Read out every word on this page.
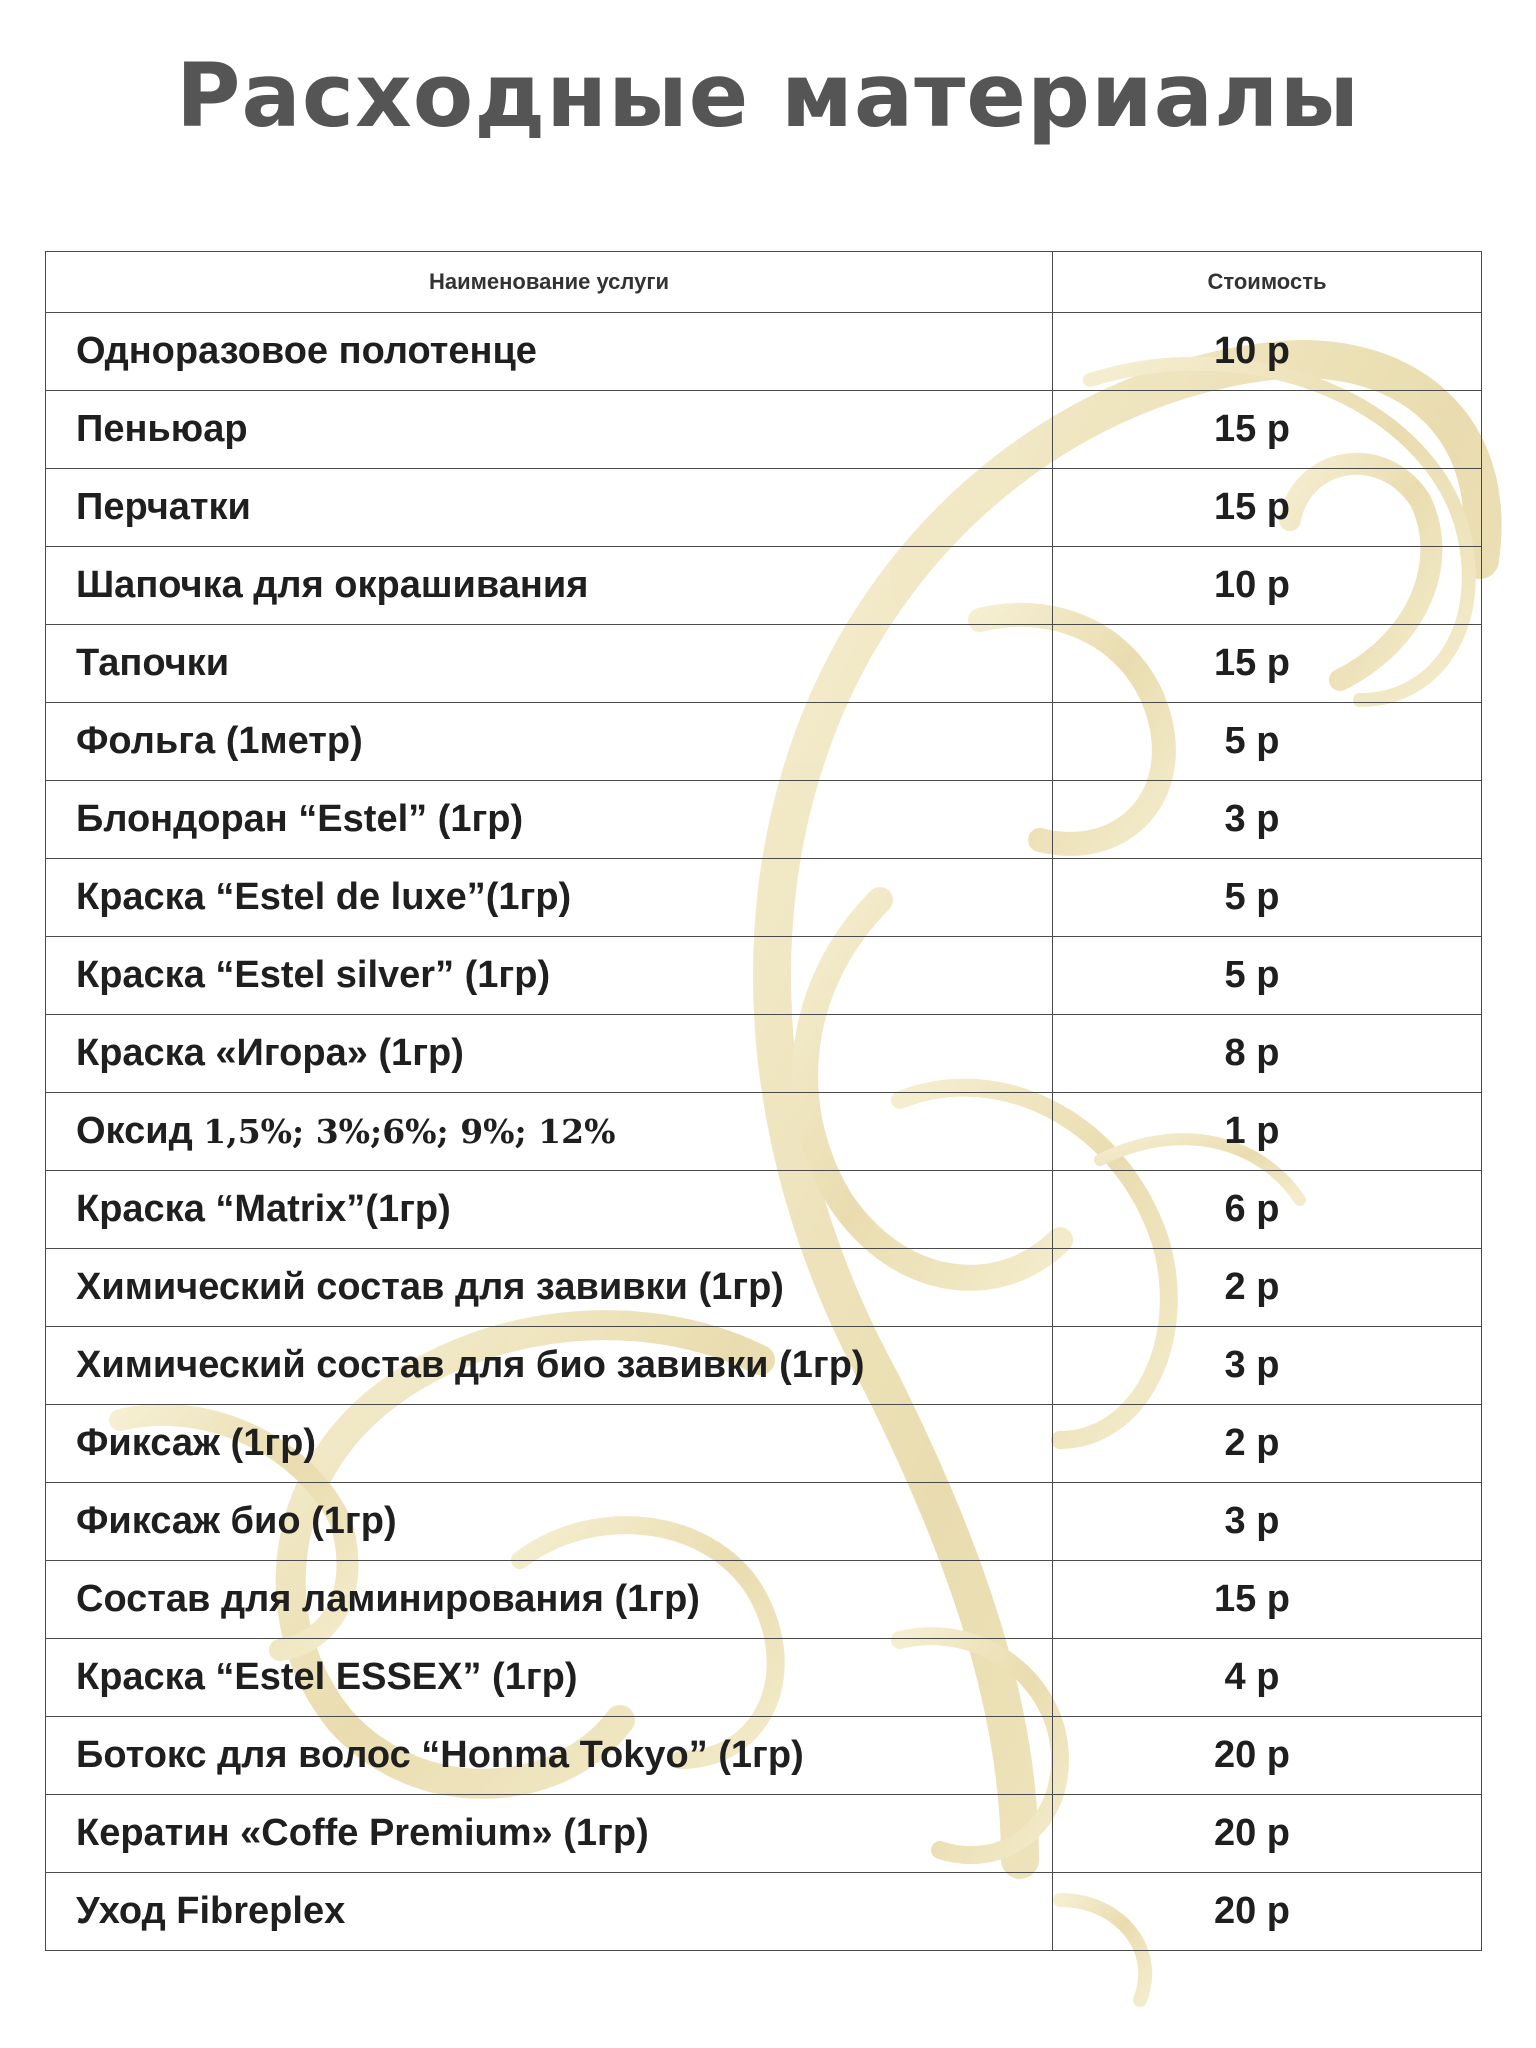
Расходные материалы
Наименование услуги	Стоимость
Одноразовое полотенце	10 р
Пеньюар	15 р
Перчатки	15 р
Шапочка для окрашивания	10 р
Тапочки	15 р
Фольга (1метр)	5 р
Блондоран “Estel” (1гр)	3 р
Краска “Estel de luxe”(1гр)	5 р
Краска “Estel silver” (1гр)	5 р
Краска «Игора» (1гр)	8 р
Оксид 1,5%; 3%;6%; 9%; 12%	1 р
Краска “Matrix”(1гр)	6 р
Химический состав для завивки (1гр)	2 р
Химический состав для био завивки (1гр)	3 р
Фиксаж (1гр)	2 р
Фиксаж био (1гр)	3 р
Состав для ламинирования (1гр)	15 р
Краска “Estel ESSEX” (1гр)	4 р
Ботокс для волос “Honma Tokyo” (1гр)	20 р
Кератин «Coffe Premium» (1гр)	20 р
Уход Fibreplex	20 р
